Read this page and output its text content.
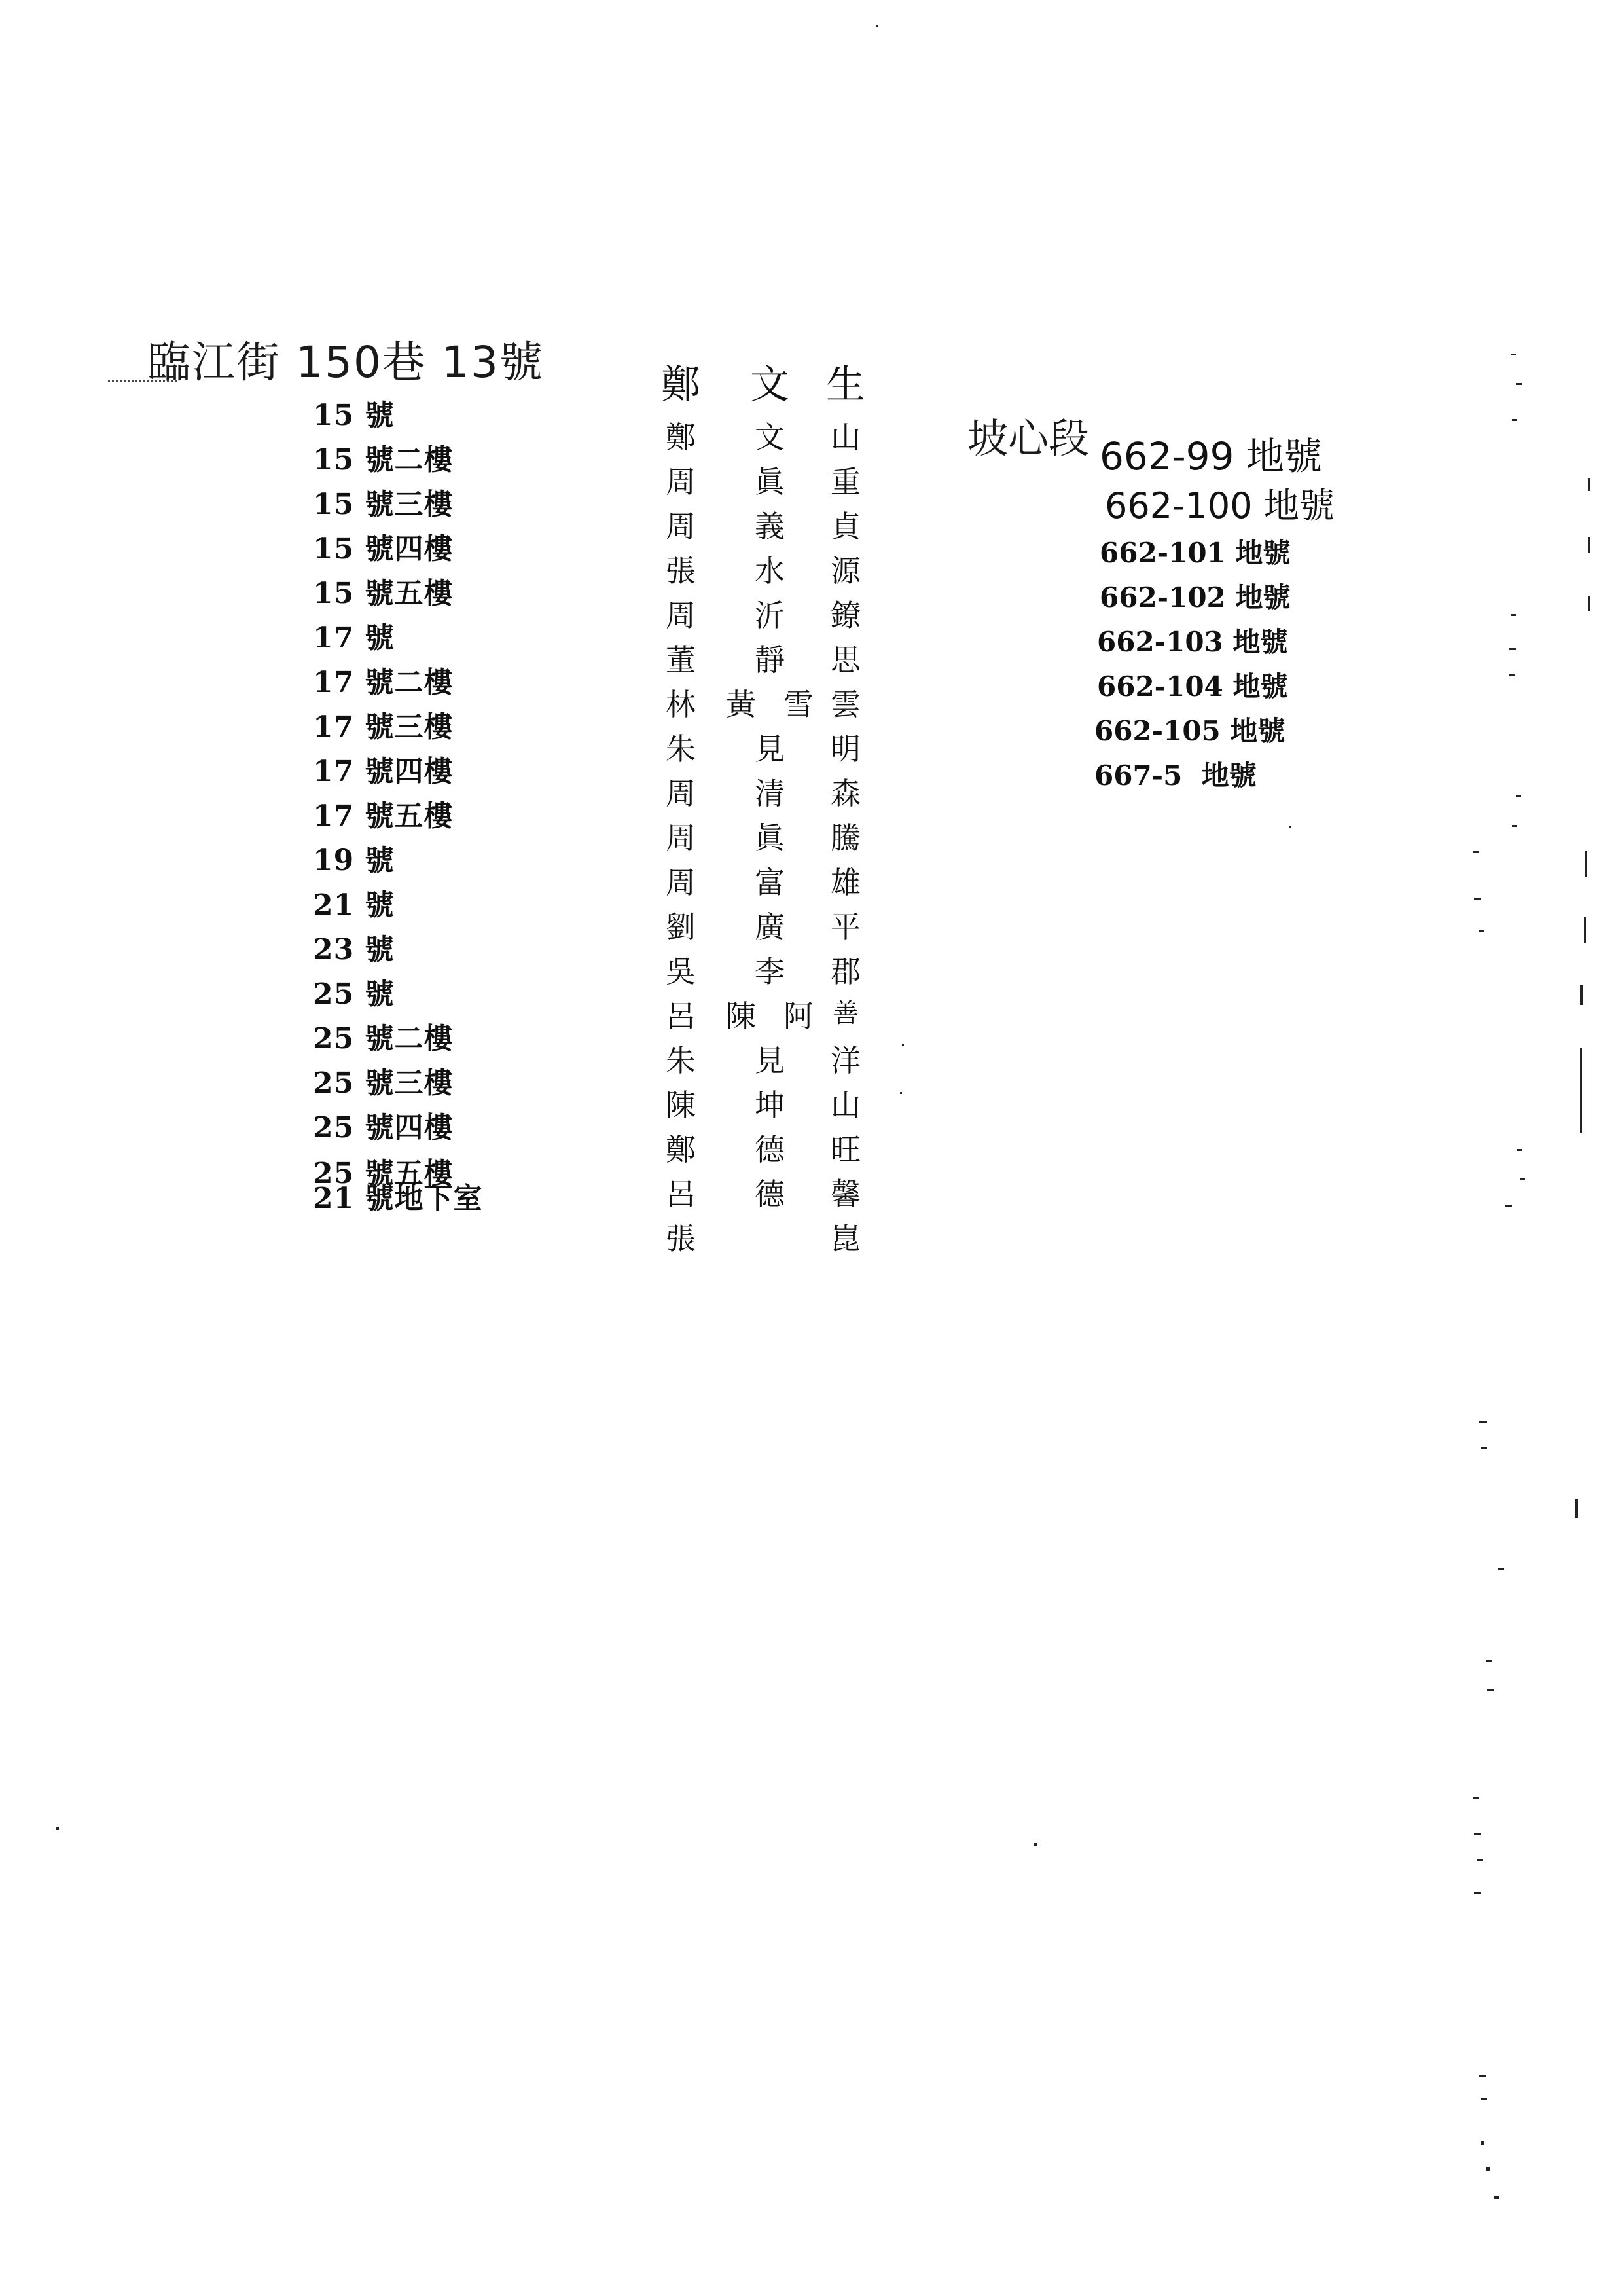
臨江街 150巷 13號
15 號
15 號二樓
15 號三樓
15 號四樓
15 號五樓
17 號
17 號二樓
17 號三樓
17 號四樓
17 號五樓
19 號
21 號
23 號
25 號
25 號二樓
25 號三樓
25 號四樓
25 號五樓
21 號地下室
鄭 文 生
鄭 文 山
周 眞 重
周 義 貞
張 水 源
周 沂 鐐
董 靜 思
林 黃 雪 雲
朱 見 明
周 清 森
周 眞 騰
周 富 雄
劉 廣 平
吳 李 郡
呂 陳 阿 善
朱 見 洋
陳 坤 山
鄭 德 旺
呂 德 馨
張	崑
坡心段 662-99 地號
662-100 地號
662-101 地號
662-102 地號
662-103 地號
662-104 地號
662-105 地號
667-5  地號
